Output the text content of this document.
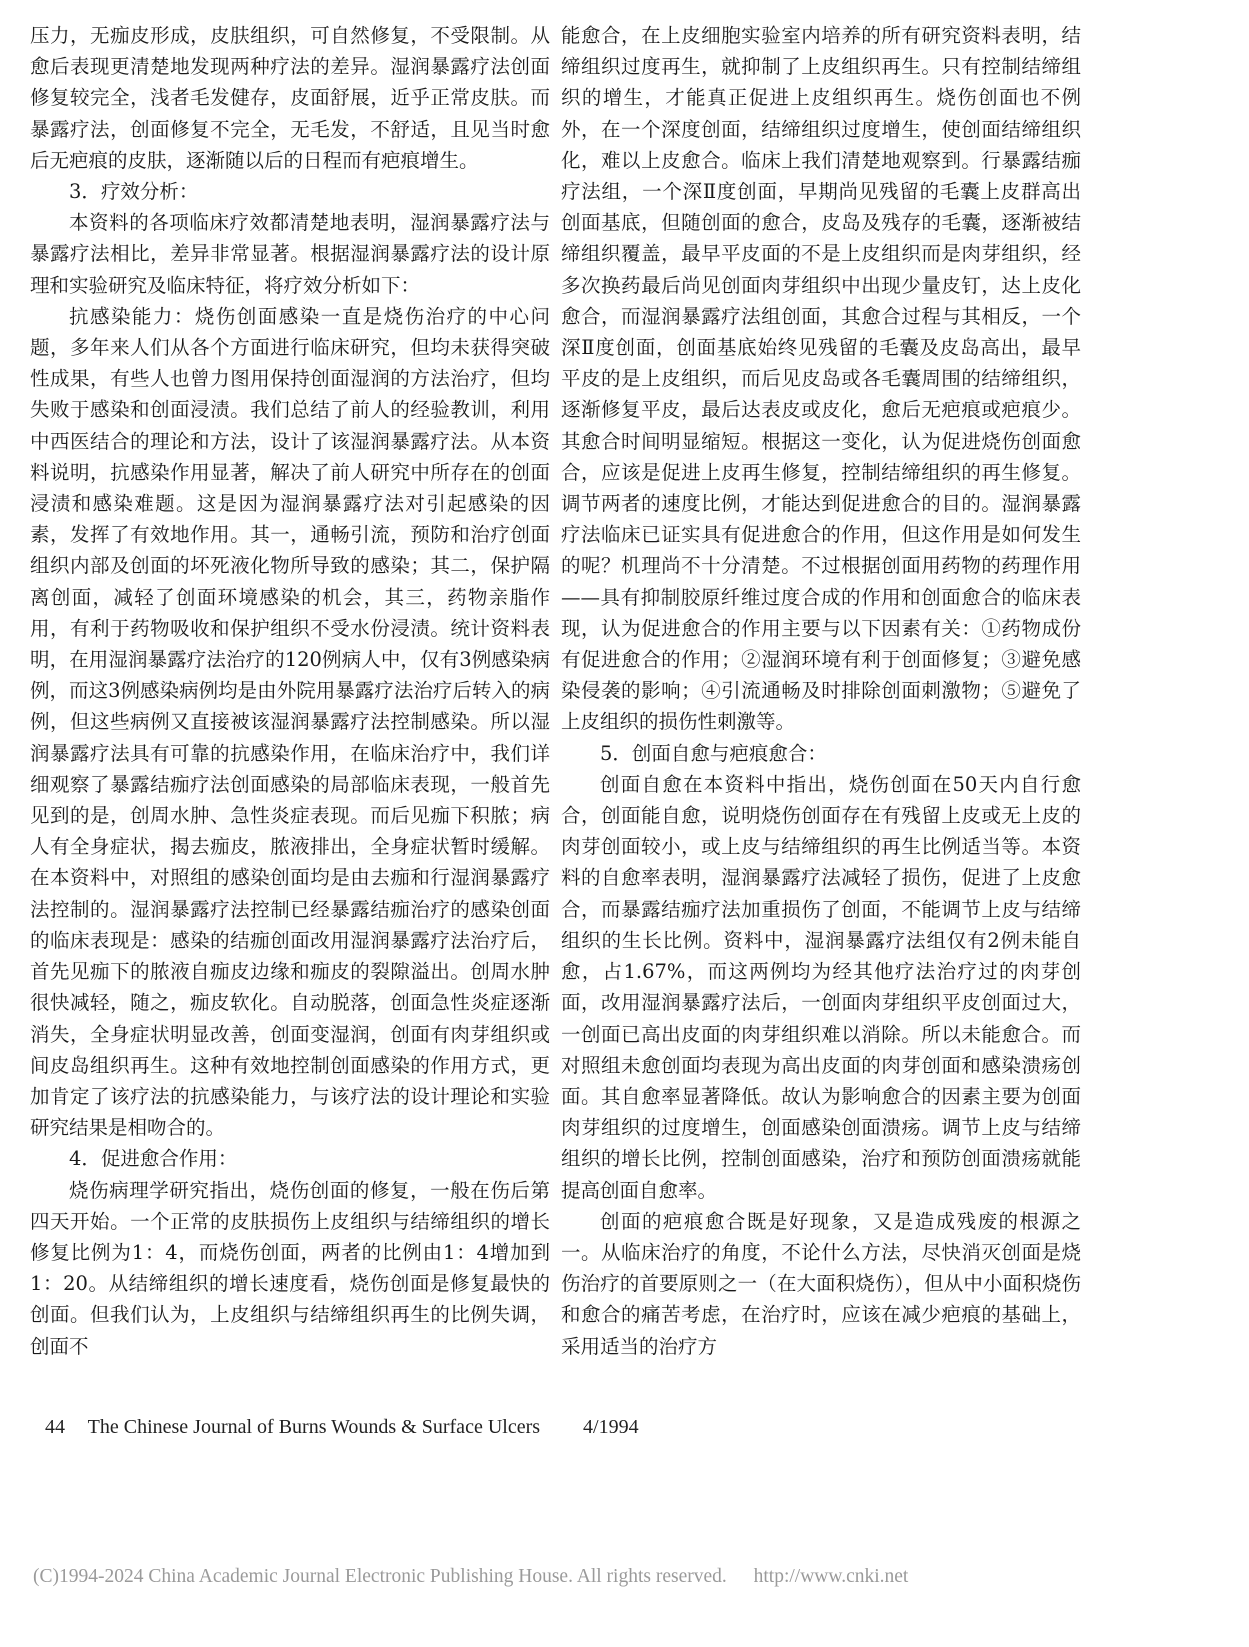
压力，无痂皮形成，皮肤组织，可自然修复，不受限制。从愈后表现更清楚地发现两种疗法的差异。湿润暴露疗法创面修复较完全，浅者毛发健存，皮面舒展，近乎正常皮肤。而暴露疗法，创面修复不完全，无毛发，不舒适，且见当时愈后无疤痕的皮肤，逐渐随以后的日程而有疤痕增生。

3．疗效分析：

本资料的各项临床疗效都清楚地表明，湿润暴露疗法与暴露疗法相比，差异非常显著。根据湿润暴露疗法的设计原理和实验研究及临床特征，将疗效分析如下：

抗感染能力：烧伤创面感染一直是烧伤治疗的中心问题，多年来人们从各个方面进行临床研究，但均未获得突破性成果，有些人也曾力图用保持创面湿润的方法治疗，但均失败于感染和创面浸渍。我们总结了前人的经验教训，利用中西医结合的理论和方法，设计了该湿润暴露疗法。从本资料说明，抗感染作用显著，解决了前人研究中所存在的创面浸渍和感染难题。这是因为湿润暴露疗法对引起感染的因素，发挥了有效地作用。其一，通畅引流，预防和治疗创面组织内部及创面的坏死液化物所导致的感染；其二，保护隔离创面，减轻了创面环境感染的机会，其三，药物亲脂作用，有利于药物吸收和保护组织不受水份浸渍。统计资料表明，在用湿润暴露疗法治疗的120例病人中，仅有3例感染病例，而这3例感染病例均是由外院用暴露疗法治疗后转入的病例，但这些病例又直接被该湿润暴露疗法控制感染。所以湿润暴露疗法具有可靠的抗感染作用，在临床治疗中，我们详细观察了暴露结痂疗法创面感染的局部临床表现，一般首先见到的是，创周水肿、急性炎症表现。而后见痂下积脓；病人有全身症状，揭去痂皮，脓液排出，全身症状暂时缓解。在本资料中，对照组的感染创面均是由去痂和行湿润暴露疗法控制的。湿润暴露疗法控制已经暴露结痂治疗的感染创面的临床表现是：感染的结痂创面改用湿润暴露疗法治疗后，首先见痂下的脓液自痂皮边缘和痂皮的裂隙溢出。创周水肿很快减轻，随之，痂皮软化。自动脱落，创面急性炎症逐渐消失，全身症状明显改善，创面变湿润，创面有肉芽组织或间皮岛组织再生。这种有效地控制创面感染的作用方式，更加肯定了该疗法的抗感染能力，与该疗法的设计理论和实验研究结果是相吻合的。

4．促进愈合作用：

烧伤病理学研究指出，烧伤创面的修复，一般在伤后第四天开始。一个正常的皮肤损伤上皮组织与结缔组织的增长修复比例为1：4，而烧伤创面，两者的比例由1：4增加到1：20。从结缔组织的增长速度看，烧伤创面是修复最快的创面。但我们认为，上皮组织与结缔组织再生的比例失调，创面不

能愈合，在上皮细胞实验室内培养的所有研究资料表明，结缔组织过度再生，就抑制了上皮组织再生。只有控制结缔组织的增生，才能真正促进上皮组织再生。烧伤创面也不例外，在一个深度创面，结缔组织过度增生，使创面结缔组织化，难以上皮愈合。临床上我们清楚地观察到。行暴露结痂疗法组，一个深Ⅱ度创面，早期尚见残留的毛囊上皮群高出创面基底，但随创面的愈合，皮岛及残存的毛囊，逐渐被结缔组织覆盖，最早平皮面的不是上皮组织而是肉芽组织，经多次换药最后尚见创面肉芽组织中出现少量皮钉，达上皮化愈合，而湿润暴露疗法组创面，其愈合过程与其相反，一个深Ⅱ度创面，创面基底始终见残留的毛囊及皮岛高出，最早平皮的是上皮组织，而后见皮岛或各毛囊周围的结缔组织，逐渐修复平皮，最后达表皮或皮化，愈后无疤痕或疤痕少。其愈合时间明显缩短。根据这一变化，认为促进烧伤创面愈合，应该是促进上皮再生修复，控制结缔组织的再生修复。调节两者的速度比例，才能达到促进愈合的目的。湿润暴露疗法临床已证实具有促进愈合的作用，但这作用是如何发生的呢？机理尚不十分清楚。不过根据创面用药物的药理作用——具有抑制胶原纤维过度合成的作用和创面愈合的临床表现，认为促进愈合的作用主要与以下因素有关：①药物成份有促进愈合的作用；②湿润环境有利于创面修复；③避免感染侵袭的影响；④引流通畅及时排除创面刺激物；⑤避免了上皮组织的损伤性刺激等。

5．创面自愈与疤痕愈合：

创面自愈在本资料中指出，烧伤创面在50天内自行愈合，创面能自愈，说明烧伤创面存在有残留上皮或无上皮的肉芽创面较小，或上皮与结缔组织的再生比例适当等。本资料的自愈率表明，湿润暴露疗法减轻了损伤，促进了上皮愈合，而暴露结痂疗法加重损伤了创面，不能调节上皮与结缔组织的生长比例。资料中，湿润暴露疗法组仅有2例未能自愈，占1.67%，而这两例均为经其他疗法治疗过的肉芽创面，改用湿润暴露疗法后，一创面肉芽组织平皮创面过大，一创面已高出皮面的肉芽组织难以消除。所以未能愈合。而对照组未愈创面均表现为高出皮面的肉芽创面和感染溃疡创面。其自愈率显著降低。故认为影响愈合的因素主要为创面肉芽组织的过度增生，创面感染创面溃疡。调节上皮与结缔组织的增长比例，控制创面感染，治疗和预防创面溃疡就能提高创面自愈率。

创面的疤痕愈合既是好现象，又是造成残废的根源之一。从临床治疗的角度，不论什么方法，尽快消灭创面是烧伤治疗的首要原则之一（在大面积烧伤），但从中小面积烧伤和愈合的痛苦考虑，在治疗时，应该在减少疤痕的基础上，采用适当的治疗方

44 The Chinese Journal of Burns Wounds & Surface Ulcers 4/1994
(C)1994-2024 China Academic Journal Electronic Publishing House. All rights reserved. http://www.cnki.net
